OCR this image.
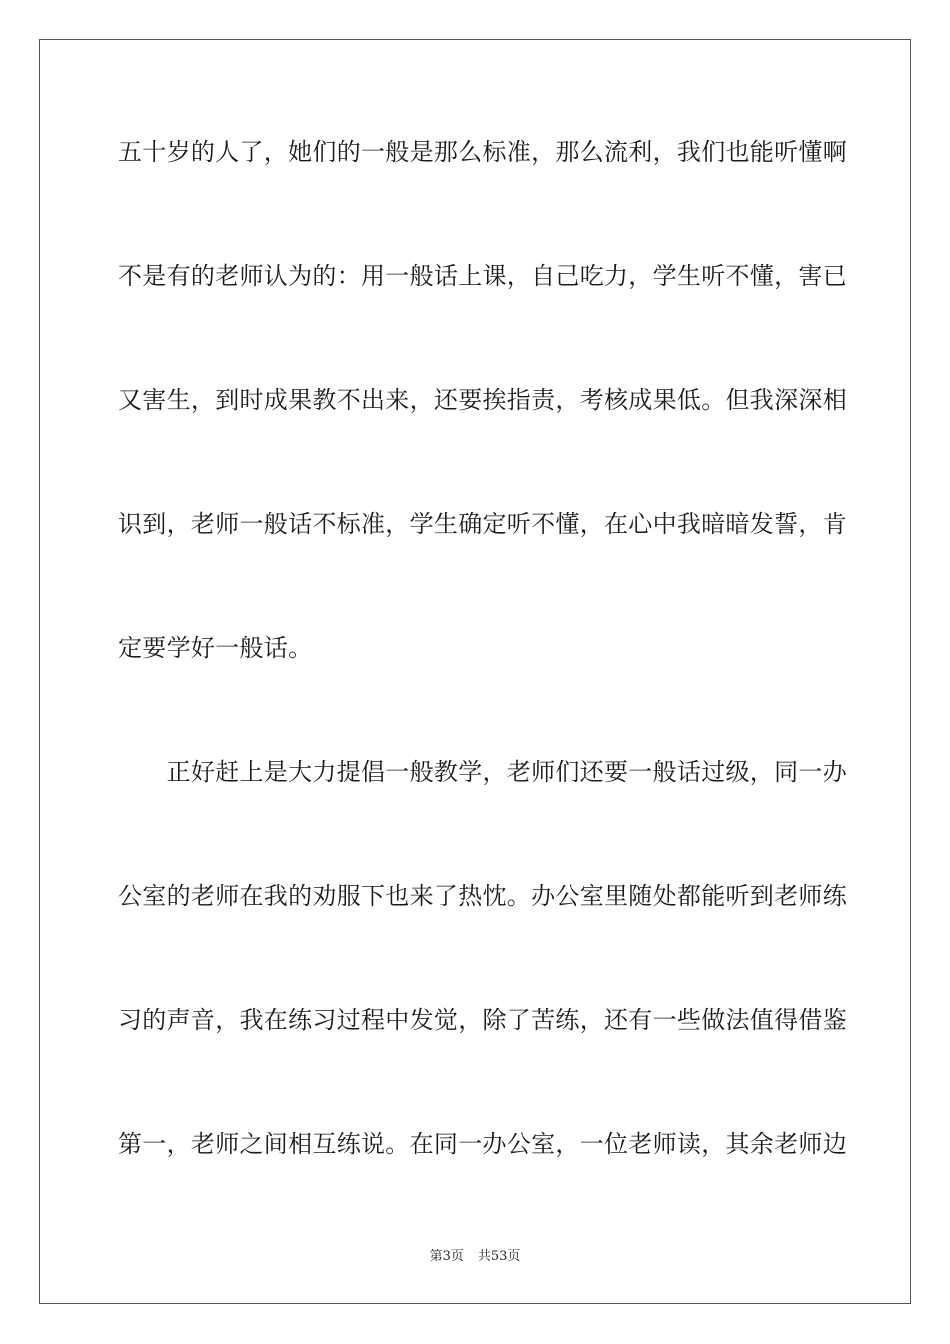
五十岁的人了，她们的一般是那么标准，那么流利，我们也能听懂啊
不是有的老师认为的：用一般话上课，自己吃力，学生听不懂，害已
又害生，到时成果教不出来，还要挨指责，考核成果低。但我深深相
识到，老师一般话不标准，学生确定听不懂，在心中我暗暗发誓，肯
定要学好一般话。
　　正好赶上是大力提倡一般教学，老师们还要一般话过级，同一办
公室的老师在我的劝服下也来了热忱。办公室里随处都能听到老师练
习的声音，我在练习过程中发觉，除了苦练，还有一些做法值得借鉴
第一，老师之间相互练说。在同一办公室，一位老师读，其余老师边
第3页 共53页
